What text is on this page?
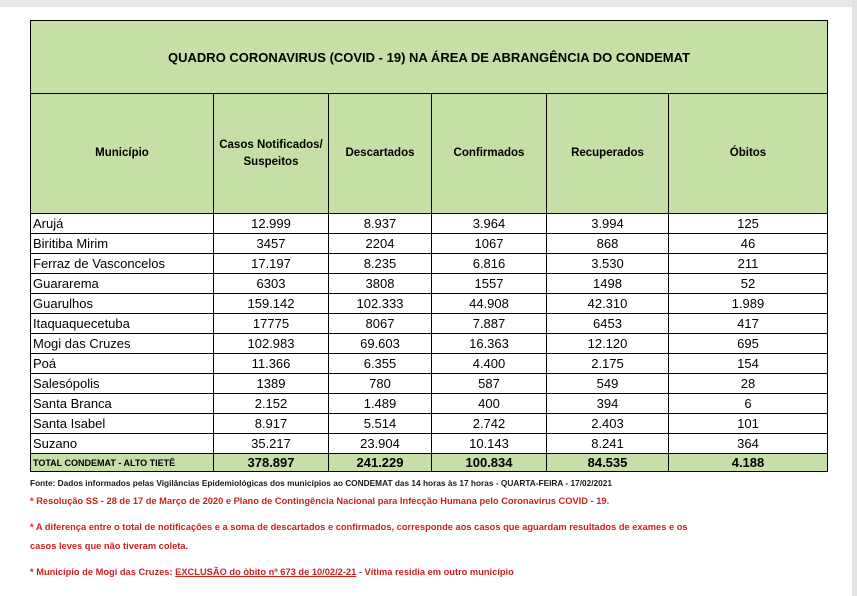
QUADRO CORONAVIRUS (COVID - 19) NA ÁREA DE ABRANGÊNCIA DO CONDEMAT					
Município	Casos Notificados/ Suspeitos	Descartados	Confirmados	Recuperados	Óbitos
Arujá	12.999	8.937	3.964	3.994	125
Biritiba Mirim	3457	2204	1067	868	46
Ferraz de Vasconcelos	17.197	8.235	6.816	3.530	211
Guararema	6303	3808	1557	1498	52
Guarulhos	159.142	102.333	44.908	42.310	1.989
Itaquaquecetuba	17775	8067	7.887	6453	417
Mogi das Cruzes	102.983	69.603	16.363	12.120	695
Poá	11.366	6.355	4.400	2.175	154
Salesópolis	1389	780	587	549	28
Santa Branca	2.152	1.489	400	394	6
Santa Isabel	8.917	5.514	2.742	2.403	101
Suzano	35.217	23.904	10.143	8.241	364
TOTAL CONDEMAT - ALTO TIETÊ	378.897	241.229	100.834	84.535	4.188
Fonte: Dados informados pelas Vigilâncias Epidemiológicas dos municípios ao CONDEMAT das 14 horas às 17 horas - QUARTA-FEIRA - 17/02/2021
* Resolução SS - 28 de 17 de Março de 2020 e Plano de Contingência Nacional para Infecção Humana pelo Coronavírus COVID - 19.
* A diferença entre o total de notificações e a soma de descartados e confirmados, corresponde aos casos que aguardam resultados de exames e os
casos leves que não tiveram coleta.
* Município de Mogi das Cruzes: EXCLUSÃO do òbito nº 673 de 10/02/2-21 - Vítima residia em outro município
